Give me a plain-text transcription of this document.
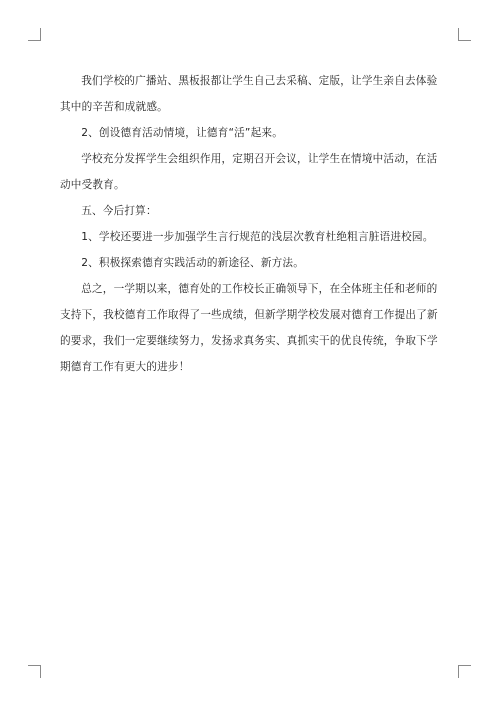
我们学校的广播站、黑板报都让学生自己去采稿、定版，让学生亲自去体验其中的辛苦和成就感。

2、创设德育活动情境，让德育“活”起来。

学校充分发挥学生会组织作用，定期召开会议，让学生在情境中活动，在活动中受教育。

五、今后打算：

1、学校还要进一步加强学生言行规范的浅层次教育杜绝粗言脏语进校园。

2、积极探索德育实践活动的新途径、新方法。

总之，一学期以来，德育处的工作校长正确领导下，在全体班主任和老师的支持下，我校德育工作取得了一些成绩，但新学期学校发展对德育工作提出了新的要求，我们一定要继续努力，发扬求真务实、真抓实干的优良传统，争取下学期德育工作有更大的进步！
